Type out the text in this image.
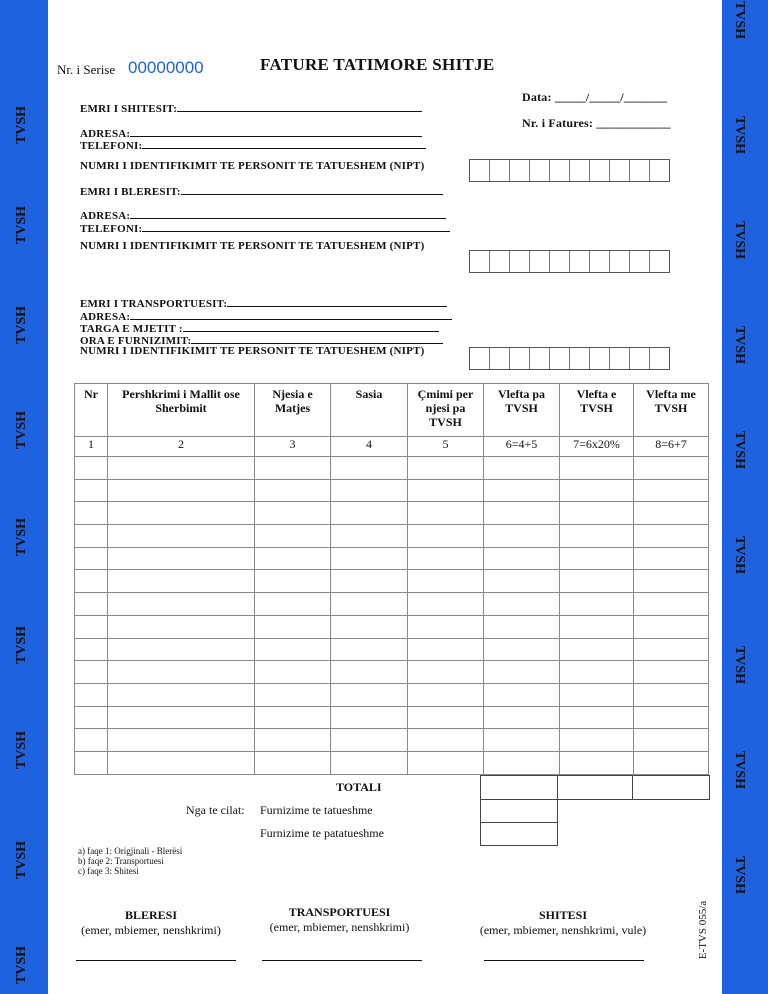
Nr. i Serise 00000000	FATURE TATIMORE SHITJE
Data: _____/_____/_______
Nr. i Fatures: ____________
EMRI I SHITESIT:
ADRESA:
TELEFONI:
NUMRI I IDENTIFIKIMIT TE PERSONIT TE TATUESHEM (NIPT)
EMRI I BLERESIT:
ADRESA:
TELEFONI:
NUMRI I IDENTIFIKIMIT TE PERSONIT TE TATUESHEM (NIPT)
EMRI I TRANSPORTUESIT:
ADRESA:
TARGA E MJETIT :
ORA E FURNIZIMIT:
NUMRI I IDENTIFIKIMIT TE PERSONIT TE TATUESHEM (NIPT)
Nr	Pershkrimi i Mallit ose Sherbimit	Njesia e Matjes	Sasia	Çmimi per njesi pa TVSH	Vlefta pa TVSH	Vlefta e TVSH	Vlefta me TVSH
1	2	3	4	5	6=4+5	7=6x20%	8=6+7

TOTALI
Nga te cilat: Furnizime te tatueshme
Furnizime te patatueshme
a) faqe 1: Origjinali - Blerësi
b) faqe 2: Transportuesi
c) faqe 3: Shitesi
E-TVS 055/a
BLERESI
(emer, mbiemer, nenshkrimi)
TRANSPORTUESI
(emer, mbiemer, nenshkrimi)
SHITESI
(emer, mbiemer, nenshkrimi, vule)
TVSH
TVSH
TVSH
TVSH
TVSH
TVSH
TVSH
TVSH
TVSH
TVSH
TVSH
TVSH
TVSH
TVSH
TVSH
TVSH
TVSH
TVSH
